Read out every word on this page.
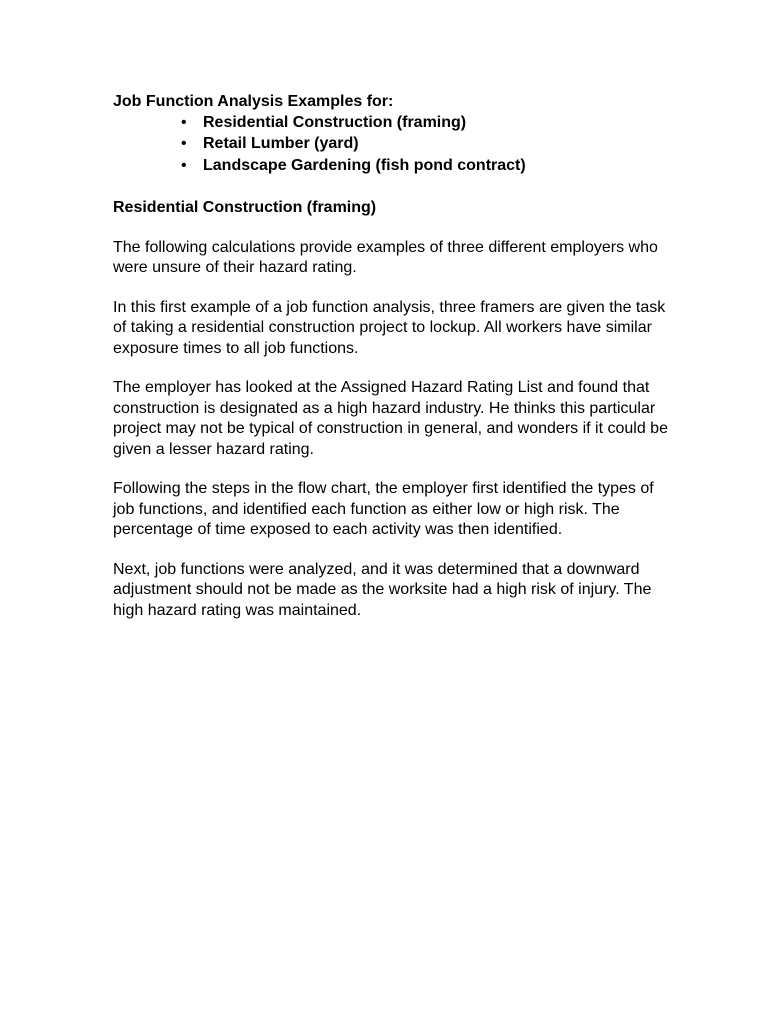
Job Function Analysis Examples for:

• Residential Construction (framing)
• Retail Lumber (yard)
• Landscape Gardening (fish pond contract)

Residential Construction (framing)

The following calculations provide examples of three different employers who were unsure of their hazard rating.

In this first example of a job function analysis, three framers are given the task of taking a residential construction project to lockup. All workers have similar exposure times to all job functions.

The employer has looked at the Assigned Hazard Rating List and found that construction is designated as a high hazard industry. He thinks this particular project may not be typical of construction in general, and wonders if it could be given a lesser hazard rating.

Following the steps in the flow chart, the employer first identified the types of job functions, and identified each function as either low or high risk. The percentage of time exposed to each activity was then identified.

Next, job functions were analyzed, and it was determined that a downward adjustment should not be made as the worksite had a high risk of injury. The high hazard rating was maintained.
